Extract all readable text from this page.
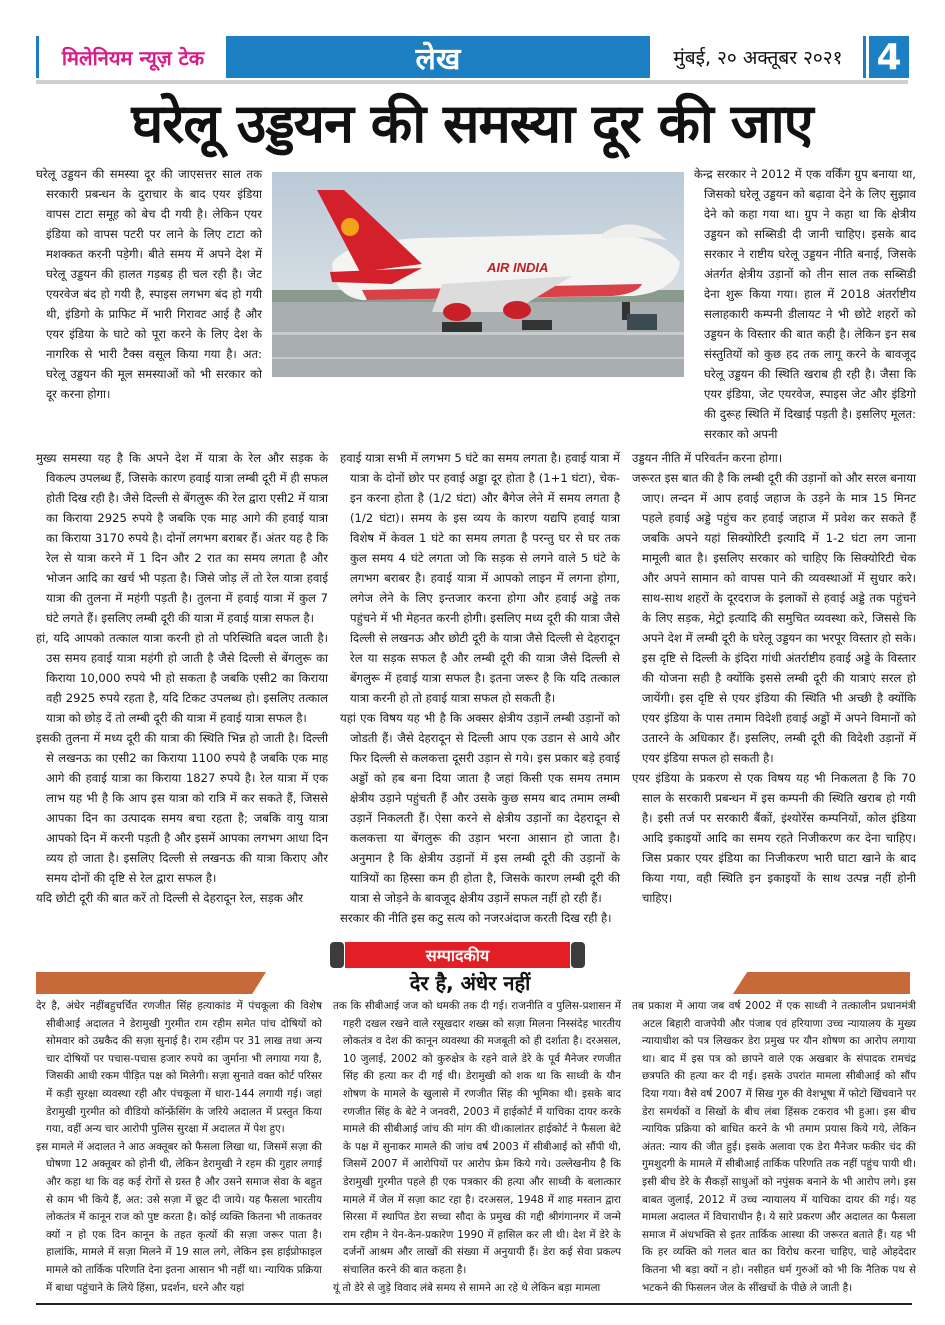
मिलेनियम न्यूज़ टेक	लेख	मुंबई, २० अक्तूबर २०२१ 4
घरेलू उड्डयन की समस्या दूर की जाए

घरेलू उड्डयन की समस्या दूर की जाएसत्तर साल तक सरकारी प्रबन्धन के दुराचार के बाद एयर इंडिया वापस टाटा समूह को बेच दी गयी है। लेकिन एयर इंडिया को वापस पटरी पर लाने के लिए टाटा को मशक्कत करनी पड़ेगी। बीते समय में अपने देश में घरेलू उड्डयन की हालत गड़बड़ ही चल रही है। जेट एयरवेज बंद हो गयी है, स्पाइस लगभग बंद हो गयी थी, इंडिगो के प्राफिट में भारी गिरावट आई है और एयर इंडिया के घाटे को पूरा करने के लिए देश के नागरिक से भारी टैक्स वसूल किया गया है। अत: घरेलू उड्डयन की मूल समस्याओं को भी सरकार को दूर करना होगा।

AIR INDIA

केन्द्र सरकार ने 2012 में एक वर्किंग ग्रुप बनाया था, जिसको घरेलू उड्डयन को बढ़ावा देने के लिए सुझाव देने को कहा गया था। ग्रुप ने कहा था कि क्षेत्रीय उड्डयन को सब्सिडी दी जानी चाहिए। इसके बाद सरकार ने राष्टीय घरेलू उड्डयन नीति बनाई, जिसके अंतर्गत क्षेत्रीय उड़ानों को तीन साल तक सब्सिडी देना शुरू किया गया। हाल में 2018 अंतर्राष्टीय सलाहकारी कम्पनी डीलायट ने भी छोटे शहरों को उड्डयन के विस्तार की बात कही है। लेकिन इन सब संस्तुतियों को कुछ हद तक लागू करने के बावजूद घरेलू उड्डयन की स्थिति खराब ही रही है। जैसा कि एयर इंडिया, जेट एयरवेज, स्पाइस जेट और इंडिगो की दुरूह स्थिति में दिखाई पड़ती है। इसलिए मूलत: सरकार को अपनी

मुख्य समस्या यह है कि अपने देश में यात्रा के रेल और सड़क के विकल्प उपलब्ध हैं, जिसके कारण हवाई यात्रा लम्बी दूरी में ही सफल होती दिख रही है। जैसे दिल्ली से बेंगलुरू की रेल द्वारा एसी2 में यात्रा का किराया 2925 रुपये है जबकि एक माह आगे की हवाई यात्रा का किराया 3170 रुपये है। दोनों लगभग बराबर हैं। अंतर यह है कि रेल से यात्रा करने में 1 दिन और 2 रात का समय लगता है और भोजन आदि का खर्च भी पड़ता है। जिसे जोड़ लें तो रेल यात्रा हवाई यात्रा की तुलना में महंगी पड़ती है। तुलना में हवाई यात्रा में कुल 7 घंटे लगते हैं। इसलिए लम्बी दूरी की यात्रा में हवाई यात्रा सफल है।

हां, यदि आपको तत्काल यात्रा करनी हो तो परिस्थिति बदल जाती है। उस समय हवाई यात्रा महंगी हो जाती है जैसे दिल्ली से बेंगलुरू का किराया 10,000 रुपये भी हो सकता है जबकि एसी2 का किराया वही 2925 रुपये रहता है, यदि टिकट उपलब्ध हो। इसलिए तत्काल यात्रा को छोड़ दें तो लम्बी दूरी की यात्रा में हवाई यात्रा सफल है।

इसकी तुलना में मध्य दूरी की यात्रा की स्थिति भिन्न हो जाती है। दिल्ली से लखनऊ का एसी2 का किराया 1100 रुपये है जबकि एक माह आगे की हवाई यात्रा का किराया 1827 रुपये है। रेल यात्रा में एक लाभ यह भी है कि आप इस यात्रा को रात्रि में कर सकते हैं, जिससे आपका दिन का उत्पादक समय बचा रहता है; जबकि वायु यात्रा आपको दिन में करनी पड़ती है और इसमें आपका लगभग आधा दिन व्यय हो जाता है। इसलिए दिल्ली से लखनऊ की यात्रा किराए और समय दोनों की दृष्टि से रेल द्वारा सफल है।

यदि छोटी दूरी की बात करें तो दिल्ली से देहरादून रेल, सड़क और

हवाई यात्रा सभी में लगभग 5 घंटे का समय लगता है। हवाई यात्रा में यात्रा के दोनों छोर पर हवाई अड्डा दूर होता है (1+1 घंटा), चेक-इन करना होता है (1/2 घंटा) और बैगेज लेने में समय लगता है (1/2 घंटा)। समय के इस व्यय के कारण यद्यपि हवाई यात्रा विशेष में केवल 1 घंटे का समय लगता है परन्तु घर से घर तक कुल समय 4 घंटे लगता जो कि सड़क से लगने वाले 5 घंटे के लगभग बराबर है। हवाई यात्रा में आपको लाइन में लगना होगा, लगेज लेने के लिए इन्तजार करना होगा और हवाई अड्डे तक पहुंचने में भी मेहनत करनी होगी। इसलिए मध्य दूरी की यात्रा जैसे दिल्ली से लखनऊ और छोटी दूरी के यात्रा जैसे दिल्ली से देहरादून रेल या सड़क सफल है और लम्बी दूरी की यात्रा जैसे दिल्ली से बेंगलुरू में हवाई यात्रा सफल है। इतना जरूर है कि यदि तत्काल यात्रा करनी हो तो हवाई यात्रा सफल हो सकती है।

यहां एक विषय यह भी है कि अक्सर क्षेत्रीय उड़ानें लम्बी उड़ानों को जोडती हैं। जैसे देहरादून से दिल्ली आप एक उडान से आये और फिर दिल्ली से कलकत्ता दूसरी उड़ान से गये। इस प्रकार बड़े हवाई अड्डों को हब बना दिया जाता है जहां किसी एक समय तमाम क्षेत्रीय उड़ाने पहुंचती हैं और उसके कुछ समय बाद तमाम लम्बी उड़ानें निकलती हैं। ऐसा करने से क्षेत्रीय उड़ानों का देहरादून से कलकत्ता या बेंगलुरू की उड़ान भरना आसान हो जाता है। अनुमान है कि क्षेत्रीय उड़ानों में इस लम्बी दूरी की उड़ानों के यात्रियों का हिस्सा कम ही होता है, जिसके कारण लम्बी दूरी की यात्रा से जोड़ने के बावजूद क्षेत्रीय उड़ानें सफल नहीं हो रही हैं।

सरकार की नीति इस कटु सत्य को नजरअंदाज करती दिख रही है।

उड्डयन नीति में परिवर्तन करना होगा।

जरूरत इस बात की है कि लम्बी दूरी की उड़ानों को और सरल बनाया जाए। लन्दन में आप हवाई जहाज के उड़ने के मात्र 15 मिनट पहले हवाई अड्डे पहुंच कर हवाई जहाज में प्रवेश कर सकते हैं जबकि अपने यहां सिक्योरिटी इत्यादि में 1-2 घंटा लग जाना मामूली बात है। इसलिए सरकार को चाहिए कि सिक्योरिटी चेक और अपने सामान को वापस पाने की व्यवस्थाओं में सुधार करे। साथ-साथ शहरों के दूरदराज के इलाकों से हवाई अड्डे तक पहुंचने के लिए सड़क, मेट्रो इत्यादि की समुचित व्यवस्था करे, जिससे कि अपने देश में लम्बी दूरी के घरेलू उड्डयन का भरपूर विस्तार हो सके। इस दृष्टि से दिल्ली के इंदिरा गांधी अंतर्राष्टीय हवाई अड्डे के विस्तार की योजना सही है क्योंकि इससे लम्बी दूरी की यात्राएं सरल हो जायेंगी। इस दृष्टि से एयर इंडिया की स्थिति भी अच्छी है क्योंकि एयर इंडिया के पास तमाम विदेशी हवाई अड्डों में अपने विमानों को उतारने के अधिकार हैं। इसलिए, लम्बी दूरी की विदेशी उड़ानों में एयर इंडिया सफल हो सकती है।

एयर इंडिया के प्रकरण से एक विषय यह भी निकलता है कि 70 साल के सरकारी प्रबन्धन में इस कम्पनी की स्थिति खराब हो गयी है। इसी तर्ज पर सरकारी बैंकों, इंश्योरेंस कम्पनियों, कोल इंडिया आदि इकाइयों आदि का समय रहते निजीकरण कर देना चाहिए। जिस प्रकार एयर इंडिया का निजीकरण भारी घाटा खाने के बाद किया गया, वही स्थिति इन इकाइयों के साथ उत्पन्न नहीं होनी चाहिए।

सम्पादकीय
देर है, अंधेर नहीं

देर है, अंधेर नहींबहुचर्चित रणजीत सिंह हत्याकांड में पंचकूला की विशेष सीबीआई अदालत ने डेरामुखी गुरमीत राम रहीम समेत पांच दोषियों को सोमवार को उम्रकैद की सज़ा सुनाई है। राम रहीम पर 31 लाख तथा अन्य चार दोषियों पर पचास-पचास हजार रुपये का जुर्माना भी लगाया गया है, जिसकी आधी रकम पीड़ित पक्ष को मिलेगी। सज़ा सुनाते वक्त कोर्ट परिसर में कड़ी सुरक्षा व्यवस्था रही और पंचकूला में धारा-144 लगायी गई। जहां डेरामुखी गुरमीत को वीडियो कॉन्फ्रेंसिंग के जरिये अदालत में प्रस्तुत किया गया, वहीं अन्य चार आरोपी पुलिस सुरक्षा में अदालत में पेश हुए।

इस मामले में अदालत ने आठ अक्तूबर को फैसला लिखा था, जिसमें सज़ा की घोषणा 12 अक्तूबर को होनी थी, लेकिन डेरामुखी ने रहम की गुहार लगाई और कहा था कि वह कई रोगों से ग्रस्त है और उसने समाज सेवा के बहुत से काम भी किये हैं, अत: उसे सज़ा में छूट दी जाये। यह फैसला भारतीय लोकतंत्र में कानून राज को पुष्ट करता है। कोई व्यक्ति कितना भी ताकतवर क्यों न हो एक दिन कानून के तहत कृत्यों की सज़ा जरूर पाता है। हालांकि, मामले में सज़ा मिलने में 19 साल लगे, लेकिन इस हाईप्रोफाइल मामले को तार्किक परिणति देना इतना आसान भी नहीं था। न्यायिक प्रक्रिया में बाधा पहुंचाने के लिये हिंसा, प्रदर्शन, धरने और यहां

तक कि सीबीआई जज को धमकी तक दी गई। राजनीति व पुलिस-प्रशासन में गहरी दखल रखने वाले रसूखदार शख्स को सज़ा मिलना निस्संदेह भारतीय लोकतंत्र व देश की कानून व्यवस्था की मजबूती को ही दर्शाता है। दरअसल, 10 जुलाई, 2002 को कुरुक्षेत्र के रहने वाले डेरे के पूर्व मैनेजर रणजीत सिंह की हत्या कर दी गई थी। डेरामुखी को शक था कि साध्वी के यौन शोषण के मामले के खुलासे में रणजीत सिंह की भूमिका थी। इसके बाद रणजीत सिंह के बेटे ने जनवरी, 2003 में हाईकोर्ट में याचिका दायर करके मामले की सीबीआई जांच की मांग की थी।कालांतर हाईकोर्ट ने फैसला बेटे के पक्ष में सुनाकर मामले की जांच वर्ष 2003 में सीबीआई को सौंपी थी, जिसमें 2007 में आरोपियों पर आरोप फ्रेम किये गये। उल्लेखनीय है कि डेरामुखी गुरमीत पहले ही एक पत्रकार की हत्या और साध्वी के बलात्कार मामले में जेल में सज़ा काट रहा है। दरअसल, 1948 में शाह मस्तान द्वारा सिरसा में स्थापित डेरा सच्चा सौदा के प्रमुख की गद्दी श्रीगंगानगर में जन्मे राम रहीम ने येन-केन-प्रकारेण 1990 में हासिल कर ली थी। देश में डेरे के दर्जनों आश्रम और लाखों की संख्या में अनुयायी हैं। डेरा कई सेवा प्रकल्प संचालित करने की बात कहता है।

यूं तो डेरे से जुड़े विवाद लंबे समय से सामने आ रहे थे लेकिन बड़ा मामला

तब प्रकाश में आया जब वर्ष 2002 में एक साध्वी ने तत्कालीन प्रधानमंत्री अटल बिहारी वाजपेयी और पंजाब एवं हरियाणा उच्च न्यायालय के मुख्य न्यायाधीश को पत्र लिखकर डेरा प्रमुख पर यौन शोषण का आरोप लगाया था। बाद में इस पत्र को छापने वाले एक अखबार के संपादक रामचंद्र छत्रपति की हत्या कर दी गई। इसके उपरांत मामला सीबीआई को सौंप दिया गया। वैसे वर्ष 2007 में सिख गुरु की वेशभूषा में फोटो खिंचवाने पर डेरा समर्थकों व सिखों के बीच लंबा हिंसक टकराव भी हुआ। इस बीच न्यायिक प्रक्रिया को बाधित करने के भी तमाम प्रयास किये गये, लेकिन अंतत: न्याय की जीत हुई। इसके अलावा एक डेरा मैनेजर फकीर चंद की गुमशुदगी के मामले में सीबीआई तार्किक परिणति तक नहीं पहुंच पायी थी। इसी बीच डेरे के सैकड़ों साधुओं को नपुंसक बनाने के भी आरोप लगे। इस बाबत जुलाई, 2012 में उच्च न्यायालय में याचिका दायर की गई। यह मामला अदालत में विचाराधीन है। ये सारे प्रकरण और अदालत का फैसला समाज में अंधभक्ति से इतर तार्किक आस्था की जरूरत बताते हैं। यह भी कि हर व्यक्ति को गलत बात का विरोध करना चाहिए, चाहे ओहदेदार कितना भी बड़ा क्यों न हो। नसीहत धर्म गुरुओं को भी कि नैतिक पथ से भटकने की फिसलन जेल के सींखचों के पीछे ले जाती है।
